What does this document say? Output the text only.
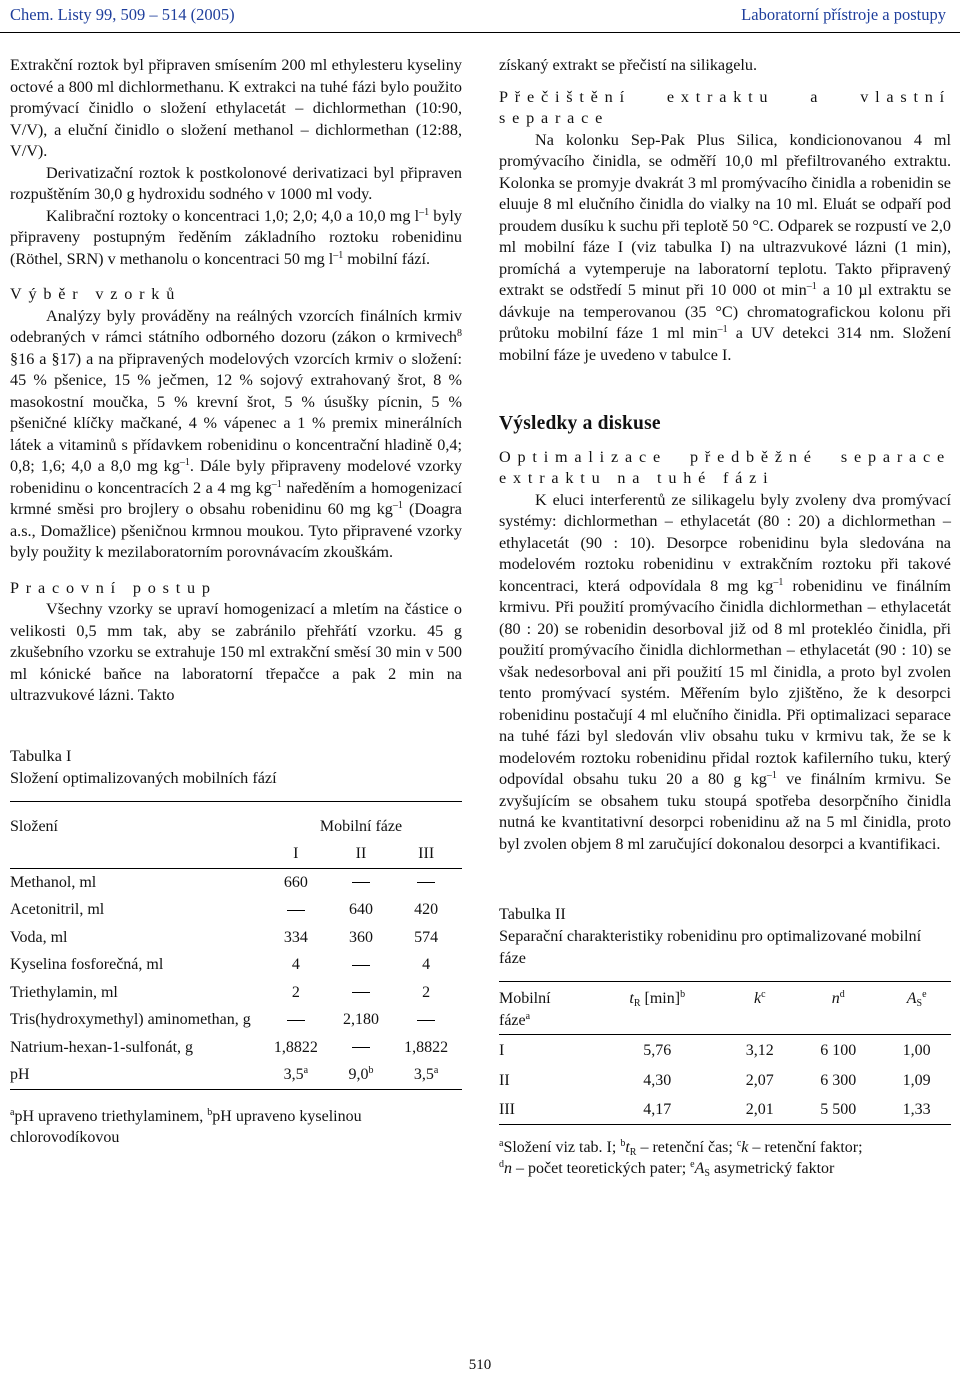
Chem. Listy 99, 509 – 514 (2005)	Laboratorní přístroje a postupy

Extrakční roztok byl připraven smísením 200 ml ethylesteru kyseliny octové a 800 ml dichlormethanu. K extrakci na tuhé fázi bylo použito promývací činidlo o složení ethylacetát – dichlormethan (10:90, V/V), a eluční činidlo o složení methanol – dichlormethan (12:88, V/V).

Derivatizační roztok k postkolonové derivatizaci byl připraven rozpuštěním 30,0 g hydroxidu sodného v 1000 ml vody.

Kalibrační roztoky o koncentraci 1,0; 2,0; 4,0 a 10,0 mg $l^{-1}$ byly připraveny postupným ředěním základního roztoku robenidinu (Röthel, SRN) v methanolu o koncentraci 50 mg $l^{-1}$ mobilní fází.

Výběr vzorků

Analýzy byly prováděny na reálných vzorcích finálních krmiv odebraných v rámci státního odborného dozoru (zákon o krmivech$^8$ §16 a §17) a na připravených modelových vzorcích krmiv o složení: 45 % pšenice, 15 % ječmen, 12 % sojový extrahovaný šrot, 8 % masokostní moučka, 5 % krevní šrot, 5 % úsušky pícnin, 5 % pšeničné klíčky mačkané, 4 % vápenec a 1 % premix minerálních látek a vitaminů s přídavkem robenidinu o koncentrační hladině 0,4; 0,8; 1,6; 4,0 a 8,0 mg $kg^{-1}$. Dále byly připraveny modelové vzorky robenidinu o koncentracích 2 a 4 mg $kg^{-1}$ naředěním a homogenizací krmné směsi pro brojlery o obsahu robenidinu 60 mg $kg^{-1}$ (Doagra a.s., Domažlice) pšeničnou krmnou moukou. Tyto připravené vzorky byly použity k mezilaboratorním porovnávacím zkouškám.

Pracovní postup

Všechny vzorky se upraví homogenizací a mletím na částice o velikosti 0,5 mm tak, aby se zabránilo přehřátí vzorku. 45 g zkušebního vzorku se extrahuje 150 ml extrakční směsí 30 min v 500 ml kónické baňce na laboratorní třepačce a pak 2 min na ultrazvukové lázni. Takto

Tabulka I
Složení optimalizovaných mobilních fází
Složení	Mobilní fáze		
	I	II	III
Methanol, ml	660		
Acetonitril, ml		640	420
Voda, ml	334	360	574
Kyselina fosforečná, ml	4		4
Triethylamin, ml	2		2
Tris(hydroxymethyl) aminomethan, g		2,180	
Natrium-hexan-1-sulfonát, g	1,8822		1,8822
pH	3,5$^a$	9,0$^b$	3,5$^a$

$^a$pH upraveno triethylaminem, $^b$pH upraveno kyselinou chlorovodíkovou

získaný extrakt se přečistí na silikagelu.

Přečištění extraktu a vlastní separace

Na kolonku Sep-Pak Plus Silica, kondicionovanou 4 ml promývacího činidla, se odměří 10,0 ml přefiltrovaného extraktu. Kolonka se promyje dvakrát 3 ml promývacího činidla a robenidin se eluuje 8 ml elučního činidla do vialky na 10 ml. Eluát se odpaří pod proudem dusíku k suchu při teplotě 50 °C. Odparek se rozpustí ve 2,0 ml mobilní fáze I (viz tabulka I) na ultrazvukové lázni (1 min), promíchá a vytemperuje na laboratorní teplotu. Takto připravený extrakt se odstředí 5 minut při 10 000 ot $\min^{-1} a$ 10 µl extraktu se dávkuje na temperovanou (35 °C) chromatografickou kolonu při průtoku mobilní fáze 1 ml $\min^{-1} a$ UV detekci 314 nm. Složení mobilní fáze je uvedeno v tabulce I.

Výsledky a diskuse

Optimalizace předběžné separace extraktu na tuhé fázi

K eluci interferentů ze silikagelu byly zvoleny dva promývací systémy: dichlormethan – ethylacetát (80 : 20) a dichlormethan – ethylacetát (90 : 10). Desorpce robenidinu byla sledována na modelovém roztoku robenidinu v extrakčním roztoku při takové koncentraci, která odpovídala 8 mg $kg^{-1}$ robenidinu ve finálním krmivu. Při použití promývacího činidla dichlormethan – ethylacetát (80 : 20) se robenidin desorboval již od 8 ml protekléo činidla, při použití promývacího činidla dichlormethan – ethylacetát (90 : 10) se však nedesorboval ani při použití 15 ml činidla, a proto byl zvolen tento promývací systém. Měřením bylo zjištěno, že k desorpci robenidinu postačují 4 ml elučního činidla. Při optimalizaci separace na tuhé fázi byl sledován vliv obsahu tuku v krmivu tak, že se k modelovém roztoku robenidinu přidal roztok kafilerního tuku, který odpovídal obsahu tuku 20 a 80 g $kg^{-1}$ ve finálním krmivu. Se zvyšujícím se obsahem tuku stoupá spotřeba desorpčního činidla nutná ke kvantitativní desorpci robenidinu až na 5 ml činidla, proto byl zvolen objem 8 ml zaručující dokonalou desorpci a kvantifikaci.

Tabulka II
Separační charakteristiky robenidinu pro optimalizované mobilní fáze
Mobilní
fáze$^a$	$t_R$ $[\min]^b$	$k^c$	$n^d$	$A_S^e$
I	5,76	3,12	6 100	1,00
II	4,30	2,07	6 300	1,09
III	4,17	2,01	5 500	1,33

$^a$Složení viz tab. I; $^bt_R$ – retenční čas; $^c$k – retenční faktor;
$^d$n – počet teoretických pater; $^eA_S$ asymetrický faktor

510
